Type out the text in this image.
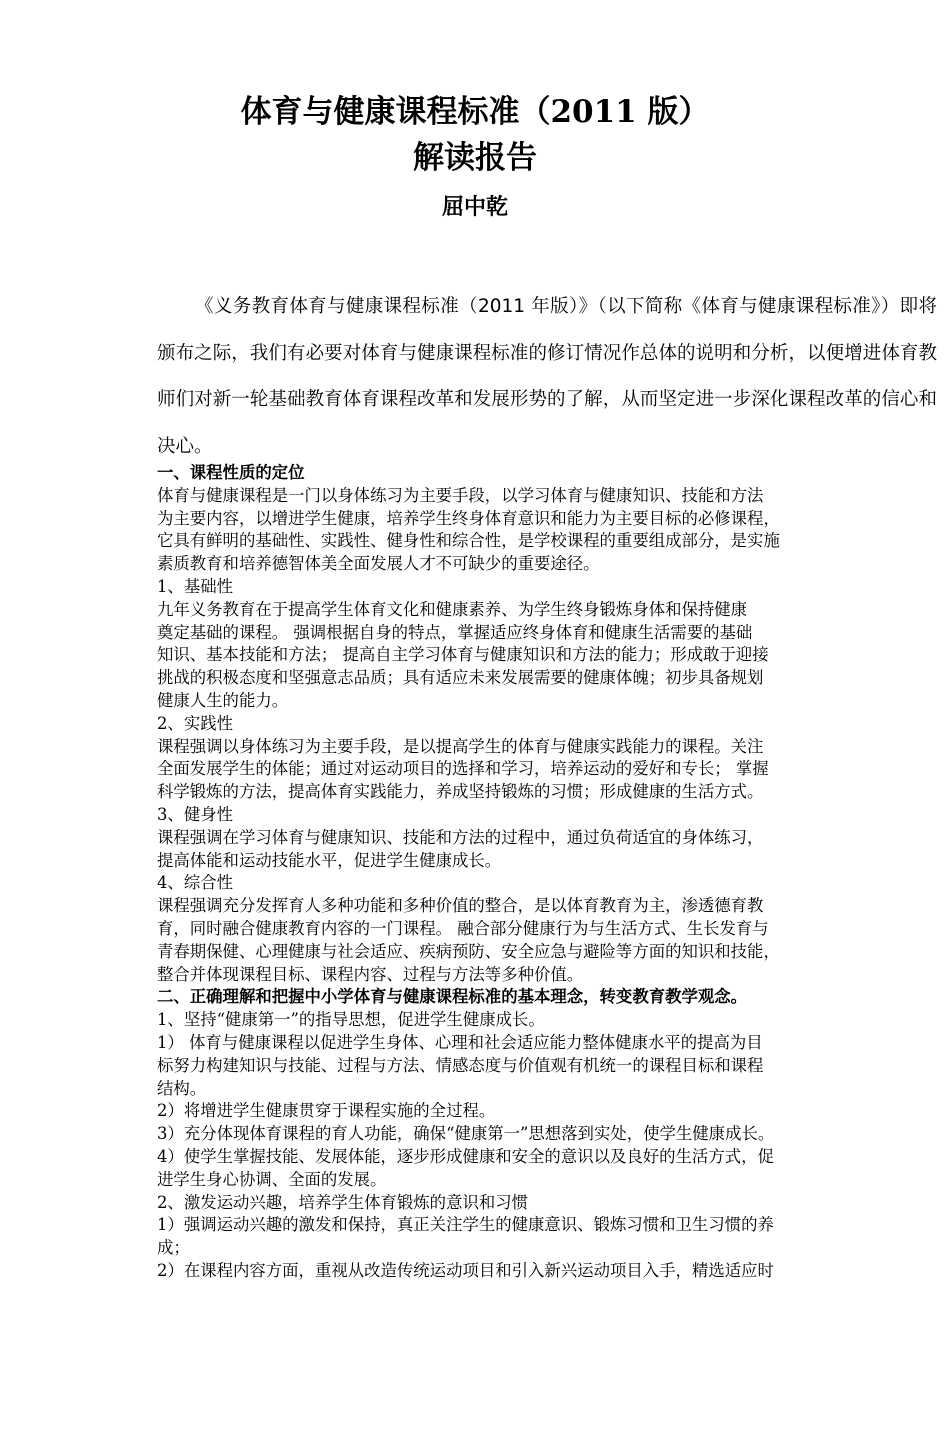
体育与健康课程标准（2011 版）
解读报告
屈中乾

《义务教育体育与健康课程标准（2011 年版）》（以下简称《体育与健康课程标准》）即将颁布之际，我们有必要对体育与健康课程标准的修订情况作总体的说明和分析，以便增进体育教师们对新一轮基础教育体育课程改革和发展形势的了解，从而坚定进一步深化课程改革的信心和决心。

一、课程性质的定位
体育与健康课程是一门以身体练习为主要手段，以学习体育与健康知识、技能和方法
为主要内容，以增进学生健康，培养学生终身体育意识和能力为主要目标的必修课程，
它具有鲜明的基础性、实践性、健身性和综合性，是学校课程的重要组成部分，是实施
素质教育和培养德智体美全面发展人才不可缺少的重要途径。
1、基础性
九年义务教育在于提高学生体育文化和健康素养、为学生终身锻炼身体和保持健康
奠定基础的课程。 强调根据自身的特点，掌握适应终身体育和健康生活需要的基础
知识、基本技能和方法； 提高自主学习体育与健康知识和方法的能力；形成敢于迎接
挑战的积极态度和坚强意志品质；具有适应未来发展需要的健康体魄；初步具备规划
健康人生的能力。
2、实践性
课程强调以身体练习为主要手段，是以提高学生的体育与健康实践能力的课程。关注
全面发展学生的体能；通过对运动项目的选择和学习，培养运动的爱好和专长； 掌握
科学锻炼的方法，提高体育实践能力，养成坚持锻炼的习惯；形成健康的生活方式。
3、健身性
课程强调在学习体育与健康知识、技能和方法的过程中，通过负荷适宜的身体练习，
提高体能和运动技能水平，促进学生健康成长。
4、综合性
课程强调充分发挥育人多种功能和多种价值的整合，是以体育教育为主，渗透德育教
育，同时融合健康教育内容的一门课程。 融合部分健康行为与生活方式、生长发育与
青春期保健、心理健康与社会适应、疾病预防、安全应急与避险等方面的知识和技能，
整合并体现课程目标、课程内容、过程与方法等多种价值。
二、正确理解和把握中小学体育与健康课程标准的基本理念，转变教育教学观念。
1、坚持“健康第一”的指导思想，促进学生健康成长。
1） 体育与健康课程以促进学生身体、心理和社会适应能力整体健康水平的提高为目
标努力构建知识与技能、过程与方法、情感态度与价值观有机统一的课程目标和课程
结构。
2）将增进学生健康贯穿于课程实施的全过程。
3）充分体现体育课程的育人功能，确保“健康第一”思想落到实处，使学生健康成长。
4）使学生掌握技能、发展体能，逐步形成健康和安全的意识以及良好的生活方式，促
进学生身心协调、全面的发展。
2、激发运动兴趣，培养学生体育锻炼的意识和习惯
1）强调运动兴趣的激发和保持，真正关注学生的健康意识、锻炼习惯和卫生习惯的养
成；
2）在课程内容方面，重视从改造传统运动项目和引入新兴运动项目入手，精选适应时
